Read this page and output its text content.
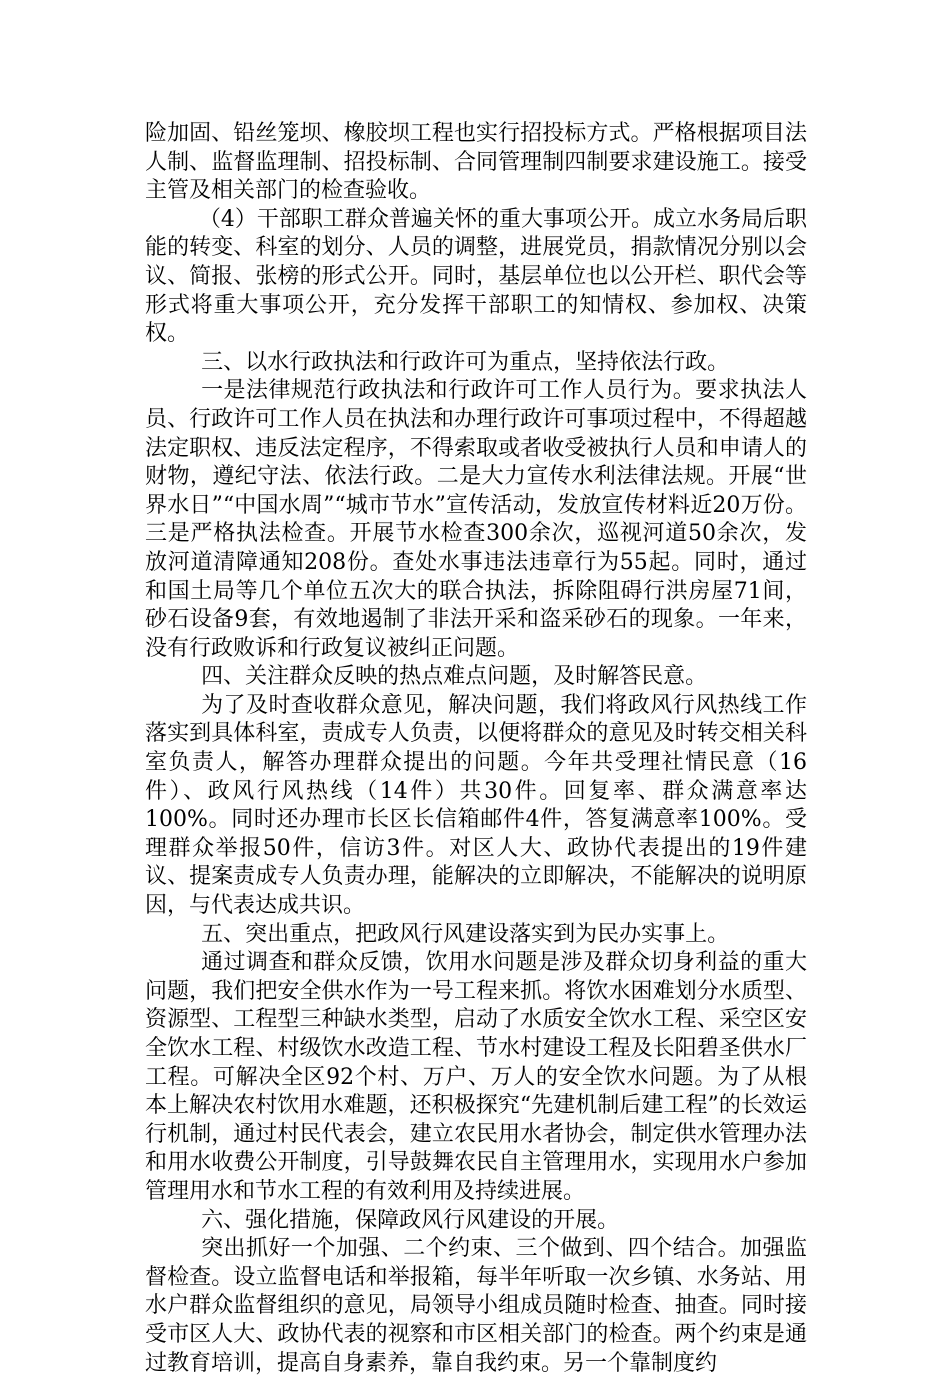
险加固、铅丝笼坝、橡胶坝工程也实行招投标方式。严格根据项目法人制、监督监理制、招投标制、合同管理制四制要求建设施工。接受主管及相关部门的检查验收。

（4）干部职工群众普遍关怀的重大事项公开。成立水务局后职能的转变、科室的划分、人员的调整，进展党员，捐款情况分别以会议、简报、张榜的形式公开。同时，基层单位也以公开栏、职代会等形式将重大事项公开，充分发挥干部职工的知情权、参加权、决策权。

三、以水行政执法和行政许可为重点，坚持依法行政。

一是法律规范行政执法和行政许可工作人员行为。要求执法人员、行政许可工作人员在执法和办理行政许可事项过程中，不得超越法定职权、违反法定程序，不得索取或者收受被执行人员和申请人的财物，遵纪守法、依法行政。二是大力宣传水利法律法规。开展“世界水日”“中国水周”“城市节水”宣传活动，发放宣传材料近20万份。三是严格执法检查。开展节水检查300余次，巡视河道50余次，发放河道清障通知208份。查处水事违法违章行为55起。同时，通过和国土局等几个单位五次大的联合执法，拆除阻碍行洪房屋71间，砂石设备9套，有效地遏制了非法开采和盗采砂石的现象。一年来，没有行政败诉和行政复议被纠正问题。

四、关注群众反映的热点难点问题，及时解答民意。

为了及时查收群众意见，解决问题，我们将政风行风热线工作落实到具体科室，责成专人负责，以便将群众的意见及时转交相关科室负责人，解答办理群众提出的问题。今年共受理社情民意（16件）、政风行风热线（14件）共30件。回复率、群众满意率达100%。同时还办理市长区长信箱邮件4件，答复满意率100%。受理群众举报50件，信访3件。对区人大、政协代表提出的19件建议、提案责成专人负责办理，能解决的立即解决，不能解决的说明原因，与代表达成共识。

五、突出重点，把政风行风建设落实到为民办实事上。

通过调查和群众反馈，饮用水问题是涉及群众切身利益的重大问题，我们把安全供水作为一号工程来抓。将饮水困难划分水质型、资源型、工程型三种缺水类型，启动了水质安全饮水工程、采空区安全饮水工程、村级饮水改造工程、节水村建设工程及长阳碧圣供水厂工程。可解决全区92个村、万户、万人的安全饮水问题。为了从根本上解决农村饮用水难题，还积极探究“先建机制后建工程”的长效运行机制，通过村民代表会，建立农民用水者协会，制定供水管理办法和用水收费公开制度，引导鼓舞农民自主管理用水，实现用水户参加管理用水和节水工程的有效利用及持续进展。

六、强化措施，保障政风行风建设的开展。

突出抓好一个加强、二个约束、三个做到、四个结合。加强监督检查。设立监督电话和举报箱，每半年听取一次乡镇、水务站、用水户群众监督组织的意见，局领导小组成员随时检查、抽查。同时接受市区人大、政协代表的视察和市区相关部门的检查。两个约束是通过教育培训，提高自身素养，靠自我约束。另一个靠制度约
